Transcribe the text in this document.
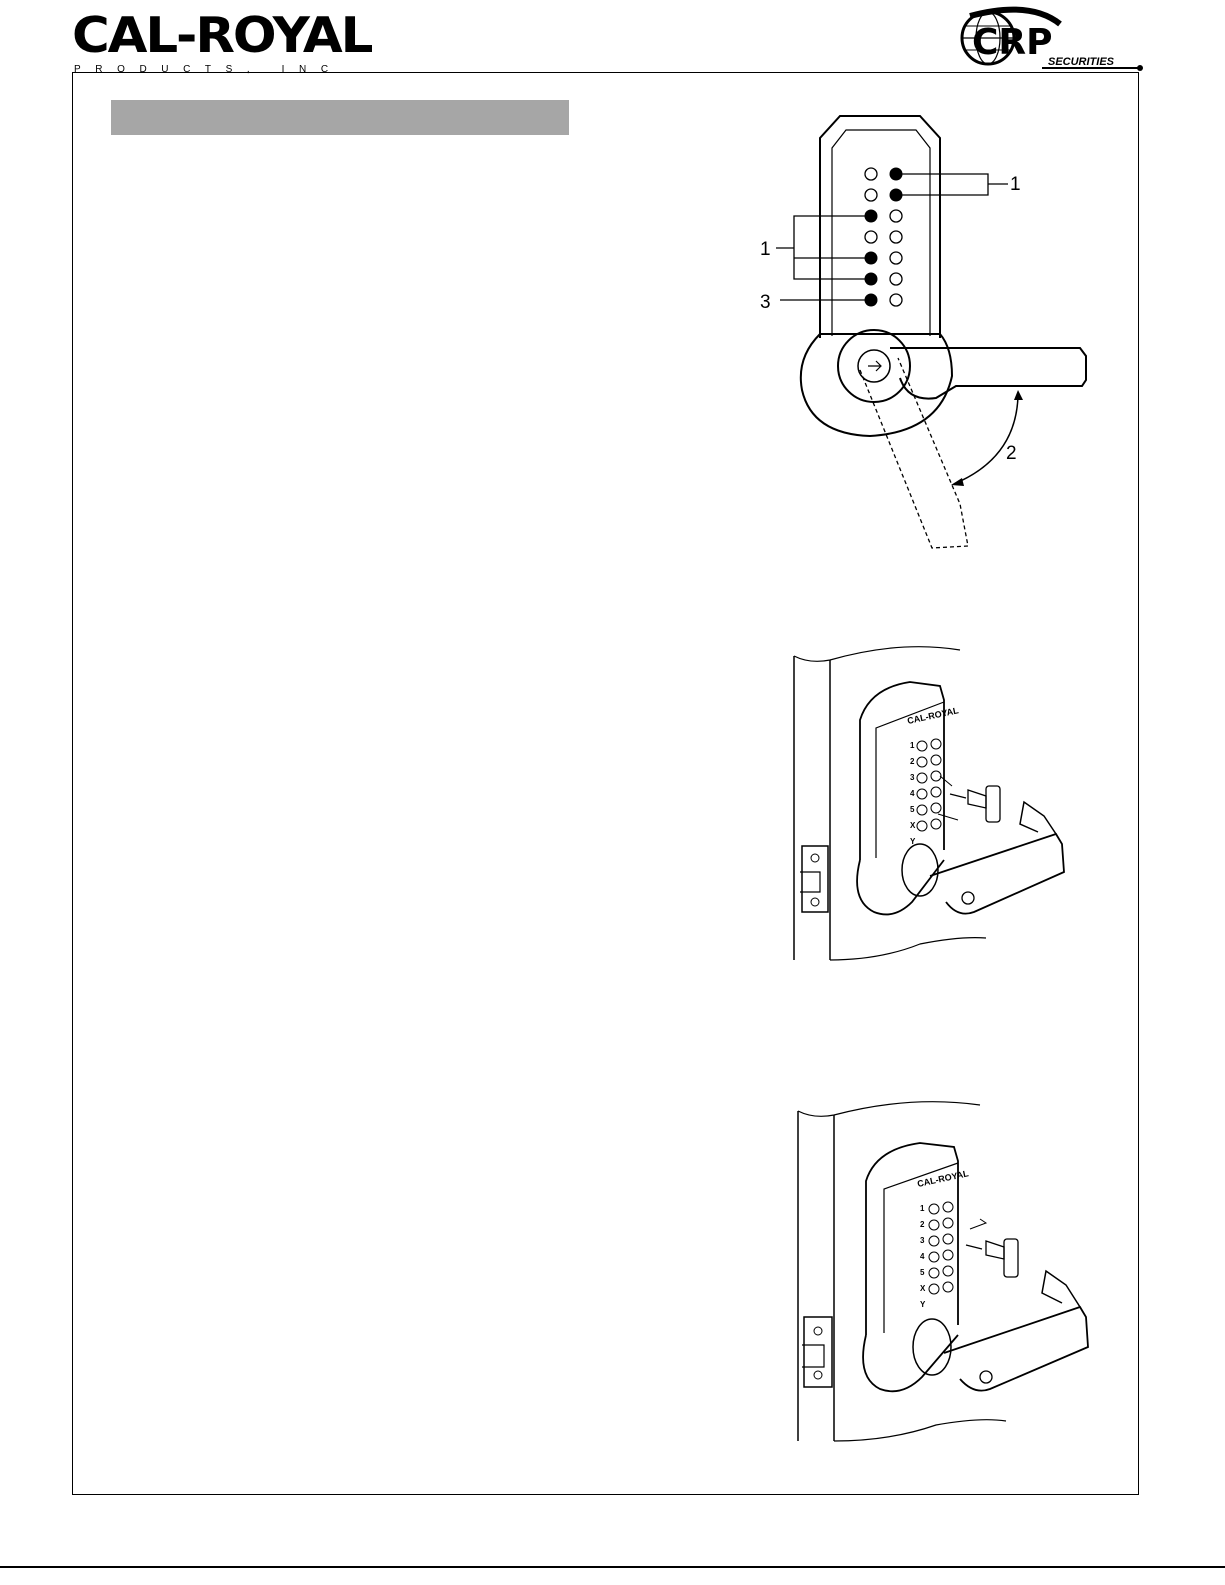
CAL-ROYAL
PRODUCTS, INC
CRP
SECURITIES
1
1
3
2
CAL-ROYAL
1
2
3
4
5
X
Y
CAL-ROYAL
1
2
3
4
5
X
Y
